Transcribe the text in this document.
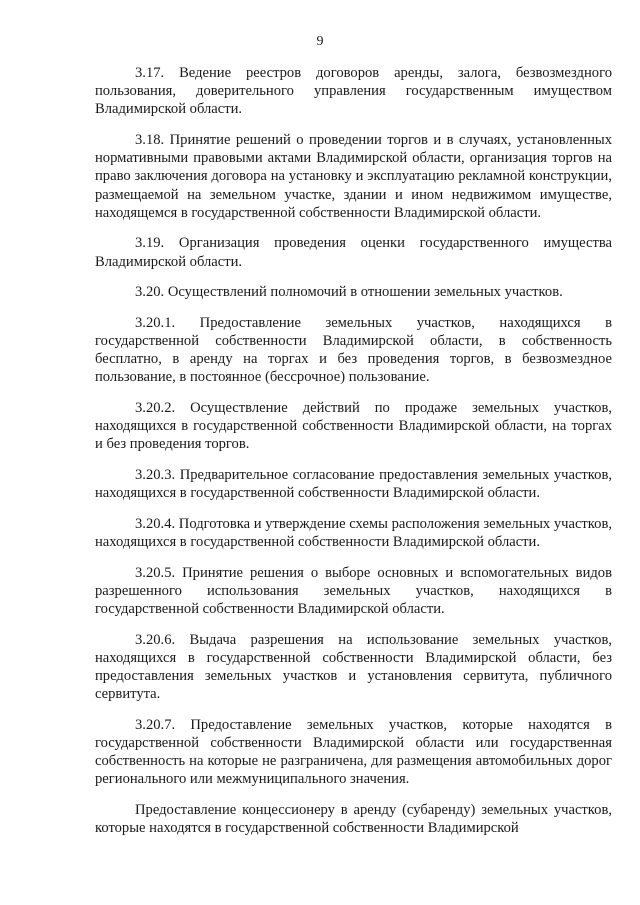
9

3.17. Ведение реестров договоров аренды, залога, безвозмездного пользования, доверительного управления государственным имуществом Владимирской области.

3.18. Принятие решений о проведении торгов и в случаях, установленных нормативными правовыми актами Владимирской области, организация торгов на право заключения договора на установку и эксплуатацию рекламной конструкции, размещаемой на земельном участке, здании и ином недвижимом имуществе, находящемся в государственной собственности Владимирской области.

3.19. Организация проведения оценки государственного имущества Владимирской области.

3.20. Осуществлений полномочий в отношении земельных участков.

3.20.1. Предоставление земельных участков, находящихся в государственной собственности Владимирской области, в собственность бесплатно, в аренду на торгах и без проведения торгов, в безвозмездное пользование, в постоянное (бессрочное) пользование.

3.20.2. Осуществление действий по продаже земельных участков, находящихся в государственной собственности Владимирской области, на торгах и без проведения торгов.

3.20.3. Предварительное согласование предоставления земельных участков, находящихся в государственной собственности Владимирской области.

3.20.4. Подготовка и утверждение схемы расположения земельных участков, находящихся в государственной собственности Владимирской области.

3.20.5. Принятие решения о выборе основных и вспомогательных видов разрешенного использования земельных участков, находящихся в государственной собственности Владимирской области.

3.20.6. Выдача разрешения на использование земельных участков, находящихся в государственной собственности Владимирской области, без предоставления земельных участков и установления сервитута, публичного сервитута.

3.20.7. Предоставление земельных участков, которые находятся в государственной собственности Владимирской области или государственная собственность на которые не разграничена, для размещения автомобильных дорог регионального или межмуниципального значения.

Предоставление концессионеру в аренду (субаренду) земельных участков, которые находятся в государственной собственности Владимирской
